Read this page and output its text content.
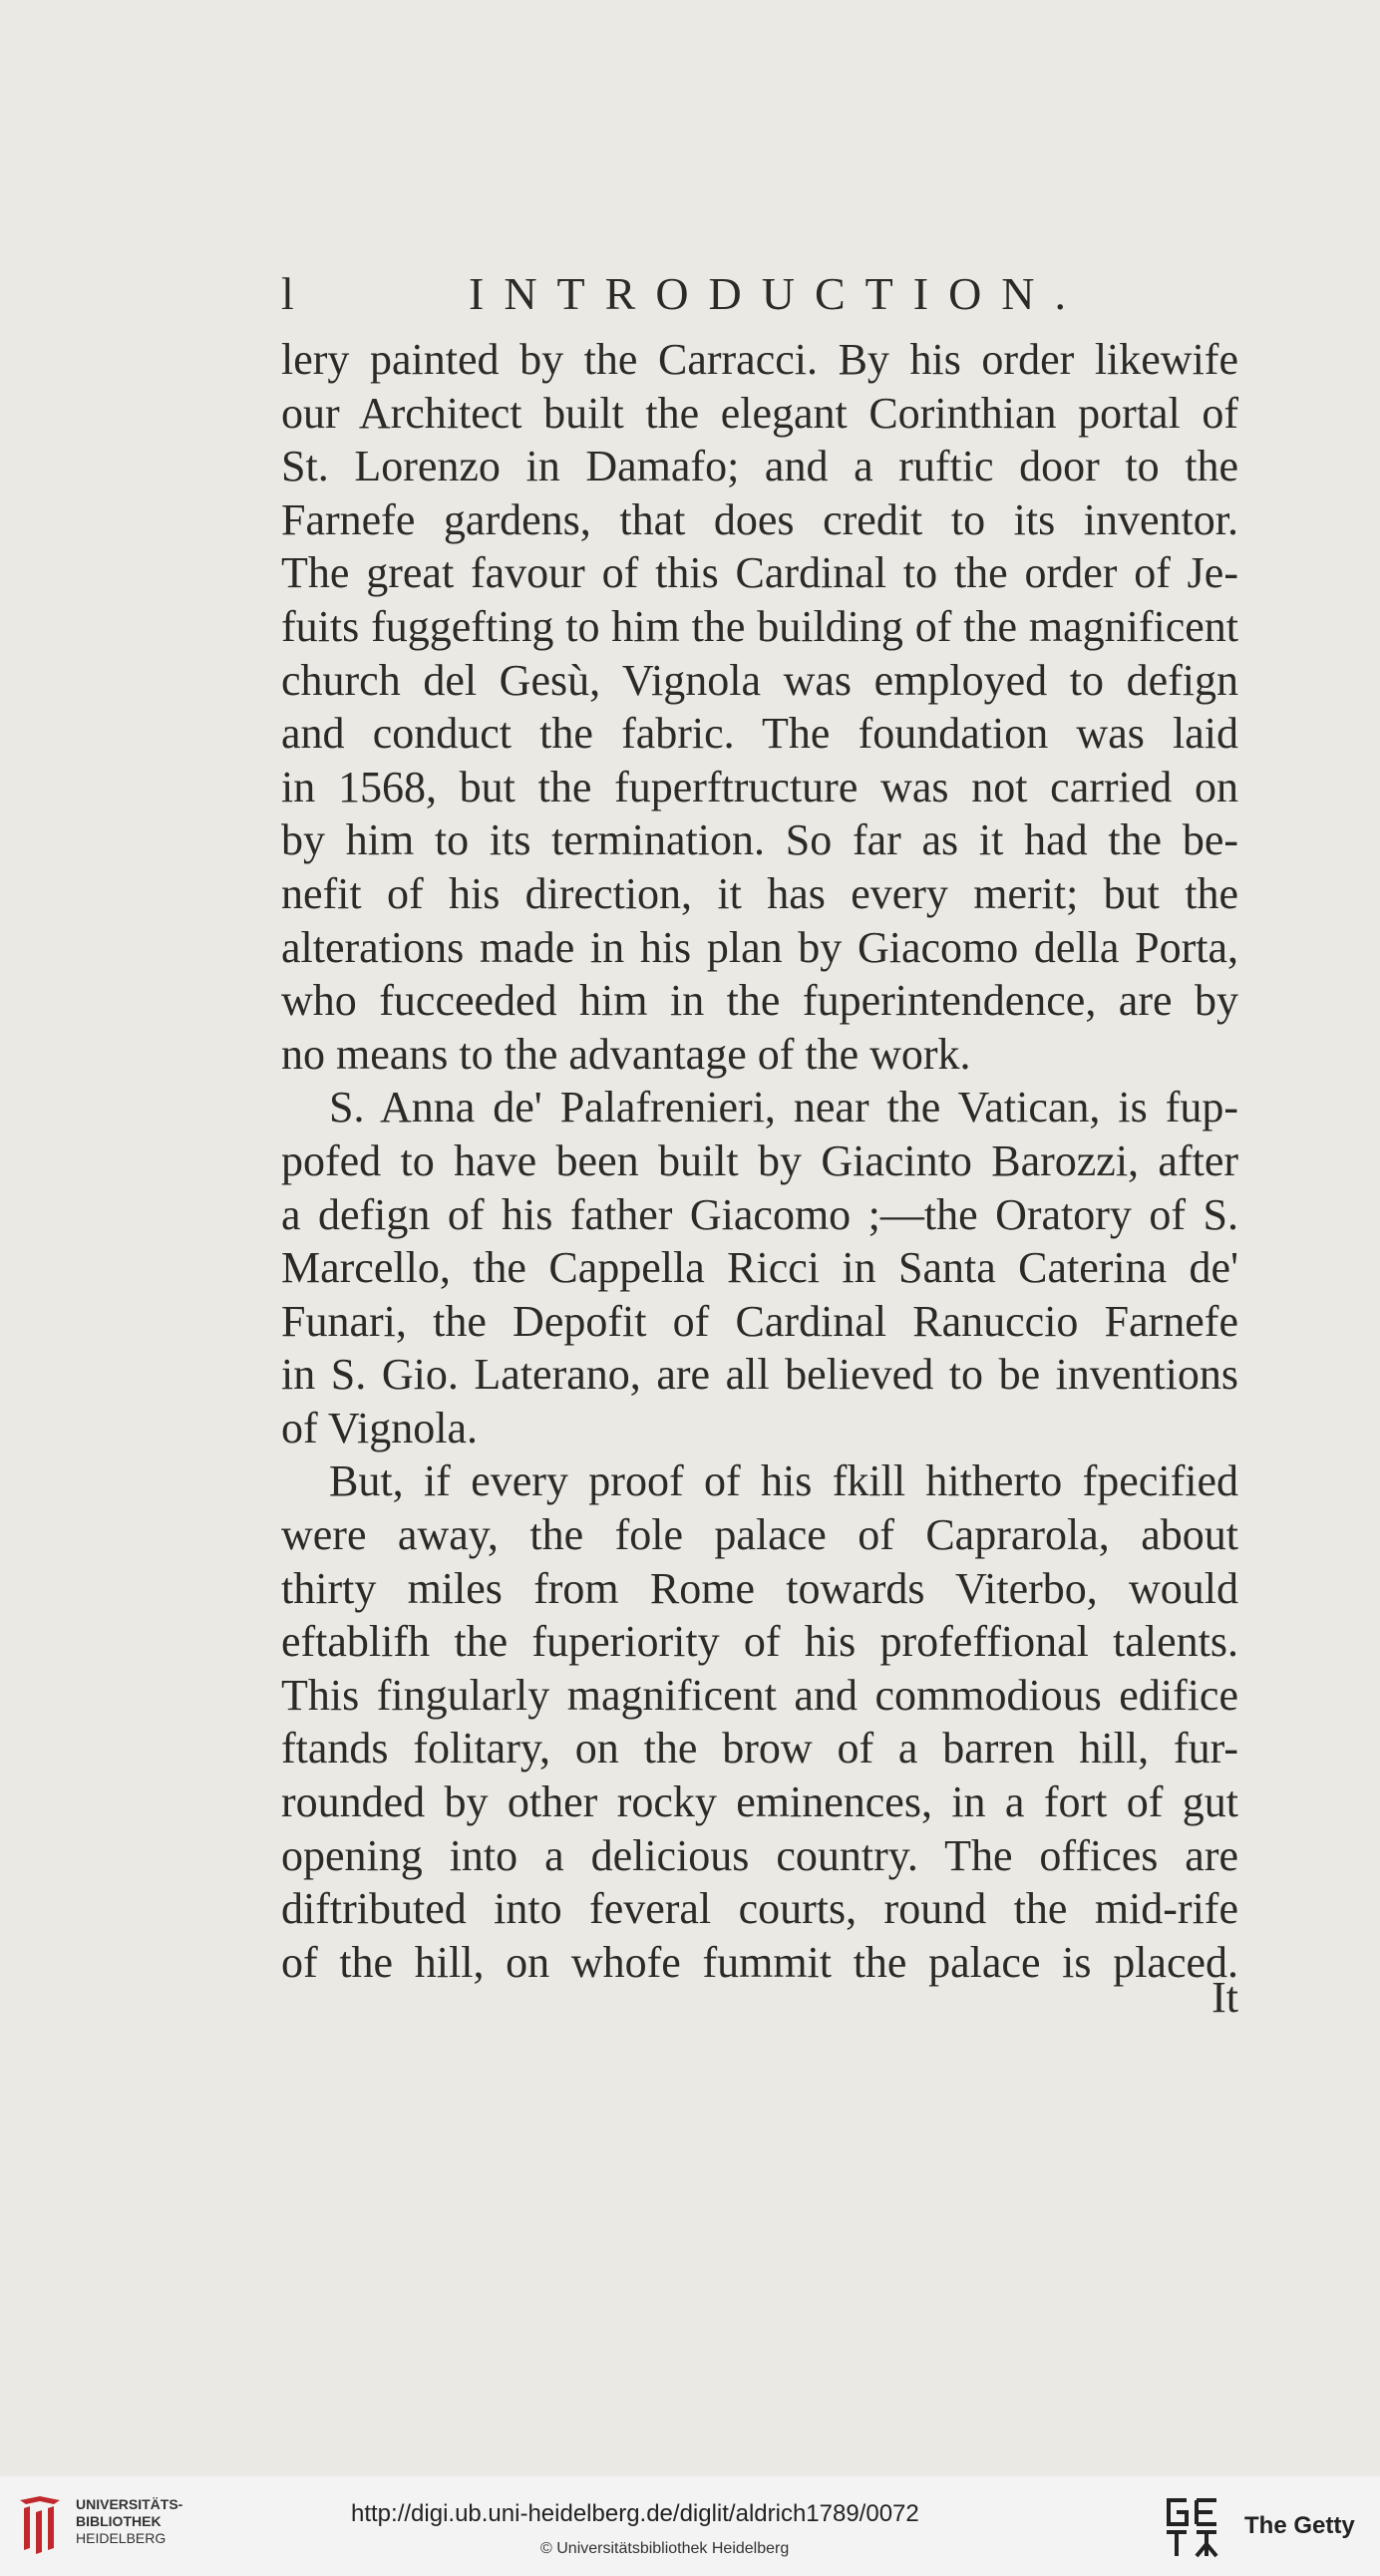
l	INTRODUCTION.
lery painted by the Carracci. By his order likewife
our Architect built the elegant Corinthian portal of
St. Lorenzo in Damafo; and a ruftic door to the
Farnefe gardens, that does credit to its inventor.
The great favour of this Cardinal to the order of Je-
fuits fuggefting to him the building of the magnificent
church del Gesù, Vignola was employed to defign
and conduct the fabric. The foundation was laid
in 1568, but the fuperftructure was not carried on
by him to its termination. So far as it had the be-
nefit of his direction, it has every merit; but the
alterations made in his plan by Giacomo della Porta,
who fucceeded him in the fuperintendence, are by
no means to the advantage of the work.
S. Anna de' Palafrenieri, near the Vatican, is fup-
pofed to have been built by Giacinto Barozzi, after
a defign of his father Giacomo ;—the Oratory of S.
Marcello, the Cappella Ricci in Santa Caterina de'
Funari, the Depofit of Cardinal Ranuccio Farnefe
in S. Gio. Laterano, are all believed to be inventions
of Vignola.
But, if every proof of his fkill hitherto fpecified
were away, the fole palace of Caprarola, about
thirty miles from Rome towards Viterbo, would
eftablifh the fuperiority of his profeffional talents.
This fingularly magnificent and commodious edifice
ftands folitary, on the brow of a barren hill, fur-
rounded by other rocky eminences, in a fort of gut
opening into a delicious country. The offices are
diftributed into feveral courts, round the mid-rife
of the hill, on whofe fummit the palace is placed.
It
UNIVERSITÄTS-
BIBLIOTHEK
HEIDELBERG
http://digi.ub.uni-heidelberg.de/diglit/aldrich1789/0072
© Universitätsbibliothek Heidelberg
The Getty
